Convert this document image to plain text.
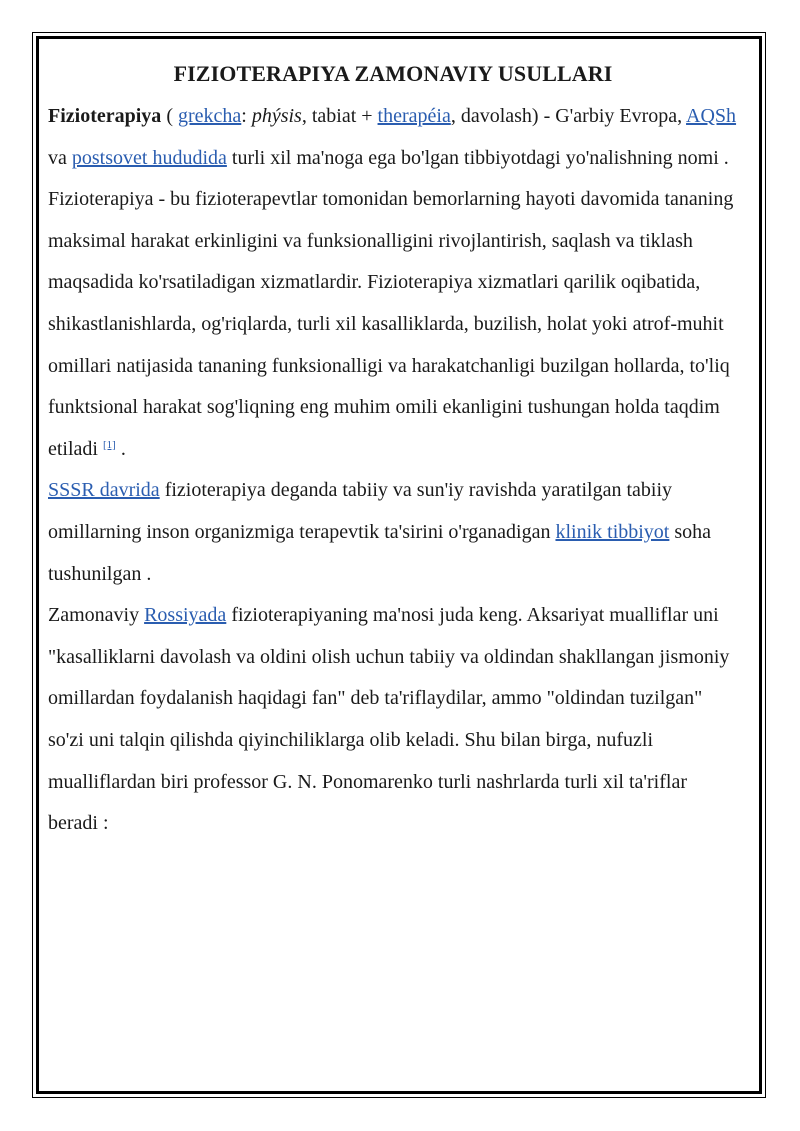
FIZIOTERAPIYA ZAMONAVIY USULLARI

Fizioterapiya ( grekcha: phýsis, tabiat + therapéia, davolash) - G'arbiy Evropa, AQSh va postsovet hududida turli xil ma'noga ega bo'lgan tibbiyotdagi yo'nalishning nomi .

Fizioterapiya - bu fizioterapevtlar tomonidan bemorlarning hayoti davomida tananing maksimal harakat erkinligini va funksionalligini rivojlantirish, saqlash va tiklash maqsadida ko'rsatiladigan xizmatlardir. Fizioterapiya xizmatlari qarilik oqibatida, shikastlanishlarda, og'riqlarda, turli xil kasalliklarda, buzilish, holat yoki atrof-muhit omillari natijasida tananing funksionalligi va harakatchanligi buzilgan hollarda, to'liq funktsional harakat sog'liqning eng muhim omili ekanligini tushungan holda taqdim etiladi [1] .

SSSR davrida fizioterapiya deganda tabiiy va sun'iy ravishda yaratilgan tabiiy omillarning inson organizmiga terapevtik ta'sirini o'rganadigan klinik tibbiyot soha tushunilgan .

Zamonaviy Rossiyada fizioterapiyaning ma'nosi juda keng. Aksariyat mualliflar uni "kasalliklarni davolash va oldini olish uchun tabiiy va oldindan shakllangan jismoniy omillardan foydalanish haqidagi fan" deb ta'riflaydilar, ammo "oldindan tuzilgan" so'zi uni talqin qilishda qiyinchiliklarga olib keladi. Shu bilan birga, nufuzli mualliflardan biri professor G. N. Ponomarenko turli nashrlarda turli xil ta'riflar beradi :
